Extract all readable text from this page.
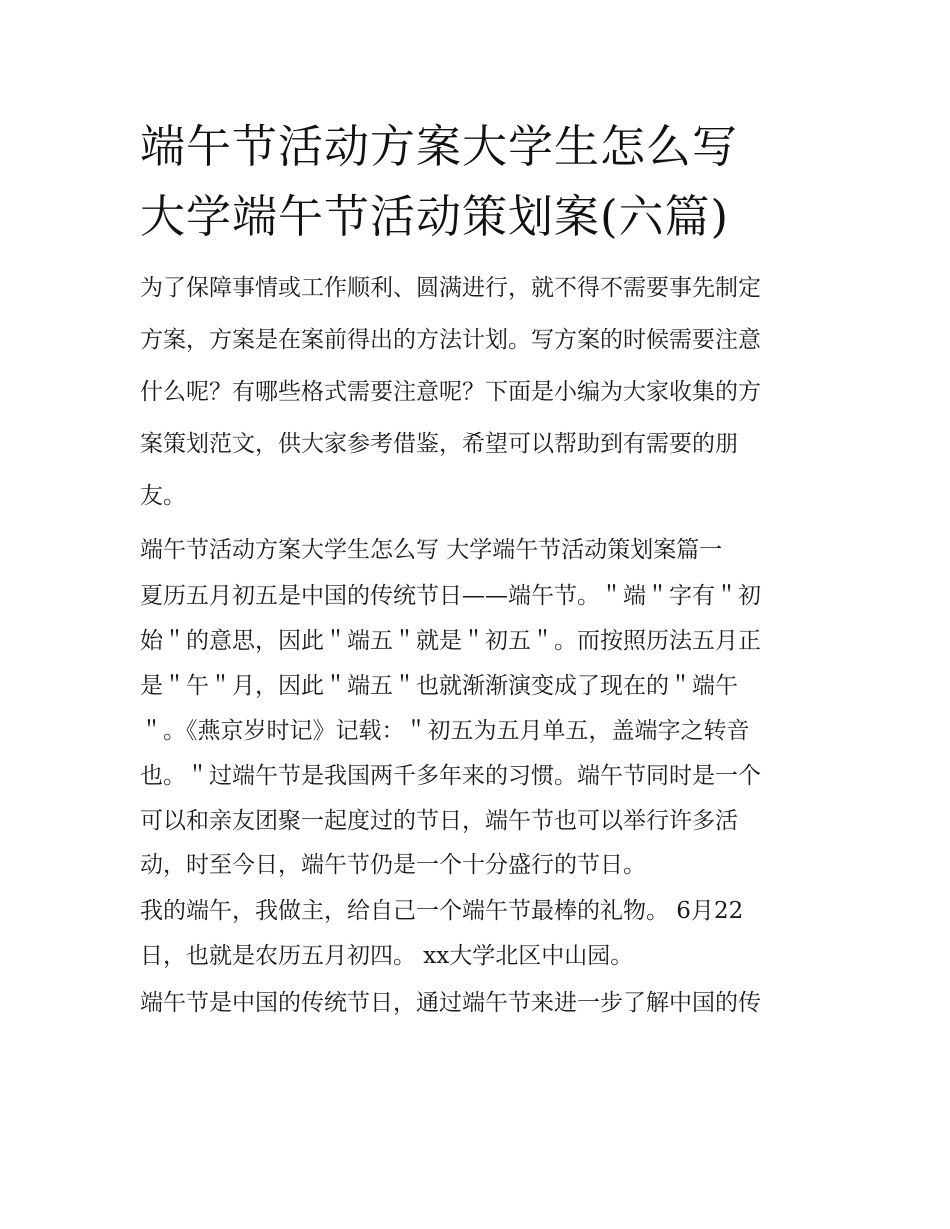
端午节活动方案大学生怎么写
大学端午节活动策划案(六篇)
为了保障事情或工作顺利、圆满进行，就不得不需要事先制定
方案，方案是在案前得出的方法计划。写方案的时候需要注意
什么呢？有哪些格式需要注意呢？下面是小编为大家收集的方
案策划范文，供大家参考借鉴，希望可以帮助到有需要的朋
友。
端午节活动方案大学生怎么写 大学端午节活动策划案篇一
夏历五月初五是中国的传统节日——端午节。＂端＂字有＂初
始＂的意思，因此＂端五＂就是＂初五＂。而按照历法五月正
是＂午＂月，因此＂端五＂也就渐渐演变成了现在的＂端午
＂。《燕京岁时记》记载：＂初五为五月单五，盖端字之转音
也。＂过端午节是我国两千多年来的习惯。端午节同时是一个
可以和亲友团聚一起度过的节日，端午节也可以举行许多活
动，时至今日，端午节仍是一个十分盛行的节日。
我的端午，我做主，给自己一个端午节最棒的礼物。 6月22
日，也就是农历五月初四。 xx大学北区中山园。
端午节是中国的传统节日，通过端午节来进一步了解中国的传
